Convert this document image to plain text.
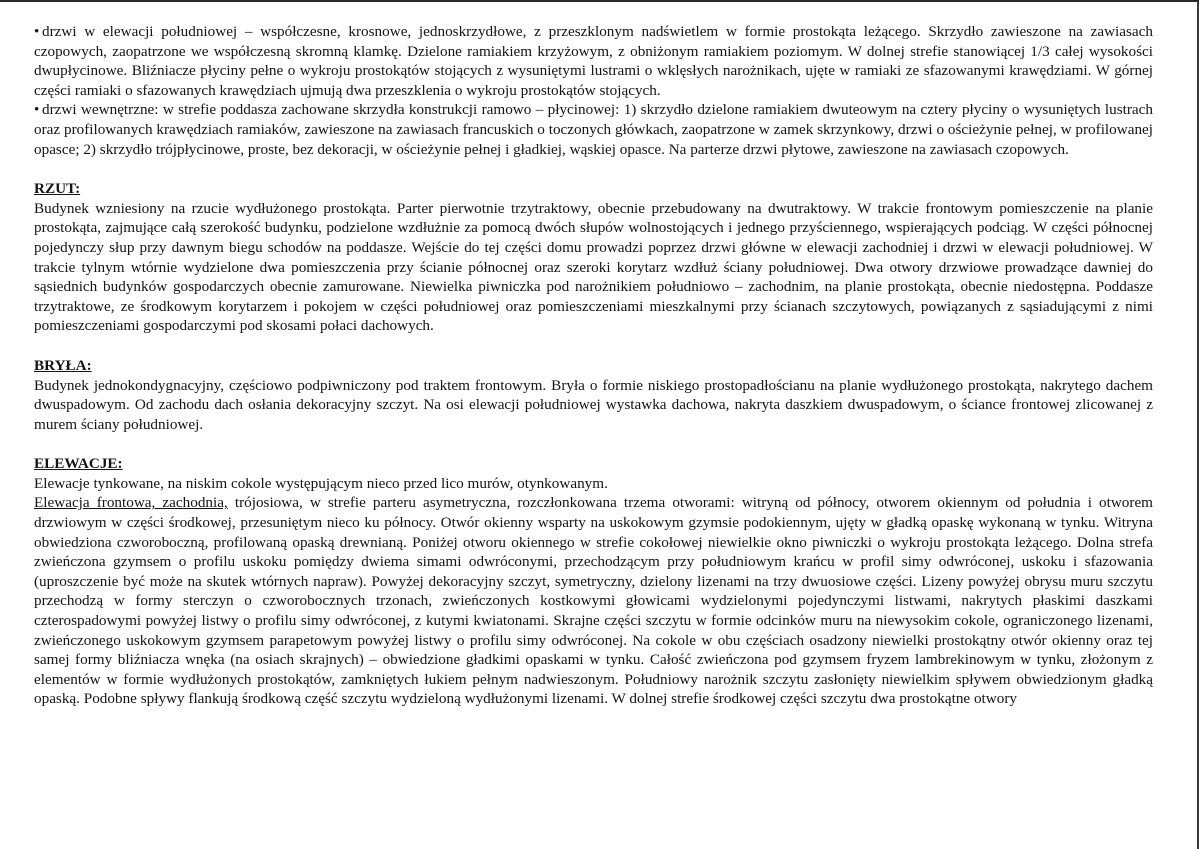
• drzwi w elewacji południowej – współczesne, krosnowe, jednoskrzydłowe, z przeszklonym nadświetlem w formie prostokąta leżącego. Skrzydło zawieszone na zawiasach czopowych, zaopatrzone we współczesną skromną klamkę. Dzielone ramiakiem krzyżowym, z obniżonym ramiakiem poziomym. W dolnej strefie stanowiącej 1/3 całej wysokości dwupłycinowe. Bliźniacze płyciny pełne o wykroju prostokątów stojących z wysuniętymi lustrami o wklęsłych narożnikach, ujęte w ramiaki ze sfazowanymi krawędziami. W górnej części ramiaki o sfazowanych krawędziach ujmują dwa przeszklenia o wykroju prostokątów stojących.

• drzwi wewnętrzne: w strefie poddasza zachowane skrzydła konstrukcji ramowo – płycinowej: 1) skrzydło dzielone ramiakiem dwuteowym na cztery płyciny o wysuniętych lustrach oraz profilowanych krawędziach ramiaków, zawieszone na zawiasach francuskich o toczonych główkach, zaopatrzone w zamek skrzynkowy, drzwi o ościeżynie pełnej, w profilowanej opasce; 2) skrzydło trójpłycinowe, proste, bez dekoracji, w ościeżynie pełnej i gładkiej, wąskiej opasce. Na parterze drzwi płytowe, zawieszone na zawiasach czopowych.

RZUT:

Budynek wzniesiony na rzucie wydłużonego prostokąta. Parter pierwotnie trzytraktowy, obecnie przebudowany na dwutraktowy. W trakcie frontowym pomieszczenie na planie prostokąta, zajmujące całą szerokość budynku, podzielone wzdłużnie za pomocą dwóch słupów wolnostojących i jednego przyściennego, wspierających podciąg. W części północnej pojedynczy słup przy dawnym biegu schodów na poddasze. Wejście do tej części domu prowadzi poprzez drzwi główne w elewacji zachodniej i drzwi w elewacji południowej. W trakcie tylnym wtórnie wydzielone dwa pomieszczenia przy ścianie północnej oraz szeroki korytarz wzdłuż ściany południowej. Dwa otwory drzwiowe prowadzące dawniej do sąsiednich budynków gospodarczych obecnie zamurowane. Niewielka piwniczka pod narożnikiem południowo – zachodnim, na planie prostokąta, obecnie niedostępna. Poddasze trzytraktowe, ze środkowym korytarzem i pokojem w części południowej oraz pomieszczeniami mieszkalnymi przy ścianach szczytowych, powiązanych z sąsiadującymi z nimi pomieszczeniami gospodarczymi pod skosami połaci dachowych.

BRYŁA:

Budynek jednokondygnacyjny, częściowo podpiwniczony pod traktem frontowym. Bryła o formie niskiego prostopadłościanu na planie wydłużonego prostokąta, nakrytego dachem dwuspadowym. Od zachodu dach osłania dekoracyjny szczyt. Na osi elewacji południowej wystawka dachowa, nakryta daszkiem dwuspadowym, o ściance frontowej zlicowanej z murem ściany południowej.

ELEWACJE:

Elewacje tynkowane, na niskim cokole występującym nieco przed lico murów, otynkowanym.

Elewacja frontowa, zachodnia, trójosiowa, w strefie parteru asymetryczna, rozczłonkowana trzema otworami: witryną od północy, otworem okiennym od południa i otworem drzwiowym w części środkowej, przesuniętym nieco ku północy. Otwór okienny wsparty na uskokowym gzymsie podokiennym, ujęty w gładką opaskę wykonaną w tynku. Witryna obwiedziona czworoboczną, profilowaną opaską drewnianą. Poniżej otworu okiennego w strefie cokołowej niewielkie okno piwniczki o wykroju prostokąta leżącego. Dolna strefa zwieńczona gzymsem o profilu uskoku pomiędzy dwiema simami odwróconymi, przechodzącym przy południowym krańcu w profil simy odwróconej, uskoku i sfazowania (uproszczenie być może na skutek wtórnych napraw). Powyżej dekoracyjny szczyt, symetryczny, dzielony lizenami na trzy dwuosiowe części. Lizeny powyżej obrysu muru szczytu przechodzą w formy sterczyn o czworobocznych trzonach, zwieńczonych kostkowymi głowicami wydzielonymi pojedynczymi listwami, nakrytych płaskimi daszkami czterospadowymi powyżej listwy o profilu simy odwróconej, z kutymi kwiatonami. Skrajne części szczytu w formie odcinków muru na niewysokim cokole, ograniczonego lizenami, zwieńczonego uskokowym gzymsem parapetowym powyżej listwy o profilu simy odwróconej. Na cokole w obu częściach osadzony niewielki prostokątny otwór okienny oraz tej samej formy bliźniacza wnęka (na osiach skrajnych) – obwiedzione gładkimi opaskami w tynku. Całość zwieńczona pod gzymsem fryzem lambrekinowym w tynku, złożonym z elementów w formie wydłużonych prostokątów, zamkniętych łukiem pełnym nadwieszonym. Południowy narożnik szczytu zasłonięty niewielkim spływem obwiedzionym gładką opaską. Podobne spływy flankują środkową część szczytu wydzieloną wydłużonymi lizenami. W dolnej strefie środkowej części szczytu dwa prostokątne otwory
